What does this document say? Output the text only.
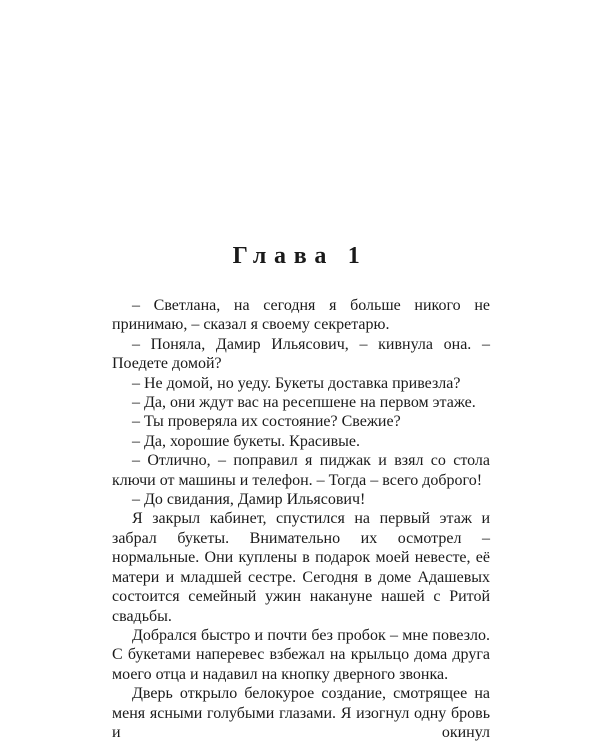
Глава 1

– Светлана, на сегодня я больше никого не принимаю, – сказал я своему секретарю.

– Поняла, Дамир Ильясович, – кивнула она. – Поедете домой?

– Не домой, но уеду. Букеты доставка привезла?

– Да, они ждут вас на ресепшене на первом этаже.

– Ты проверяла их состояние? Свежие?

– Да, хорошие букеты. Красивые.

– Отлично, – поправил я пиджак и взял со стола ключи от машины и телефон. – Тогда – всего доброго!

– До свидания, Дамир Ильясович!

Я закрыл кабинет, спустился на первый этаж и забрал букеты. Внимательно их осмотрел – нормальные. Они куплены в подарок моей невесте, её матери и младшей сестре. Сегодня в доме Адашевых состоится семейный ужин накануне нашей с Ритой свадьбы.

Добрался быстро и почти без пробок – мне повезло. С букетами наперевес взбежал на крыльцо дома друга моего отца и надавил на кнопку дверного звонка.

Дверь открыло белокурое создание, смотрящее на меня ясными голубыми глазами. Я изогнул одну бровь и окинул
